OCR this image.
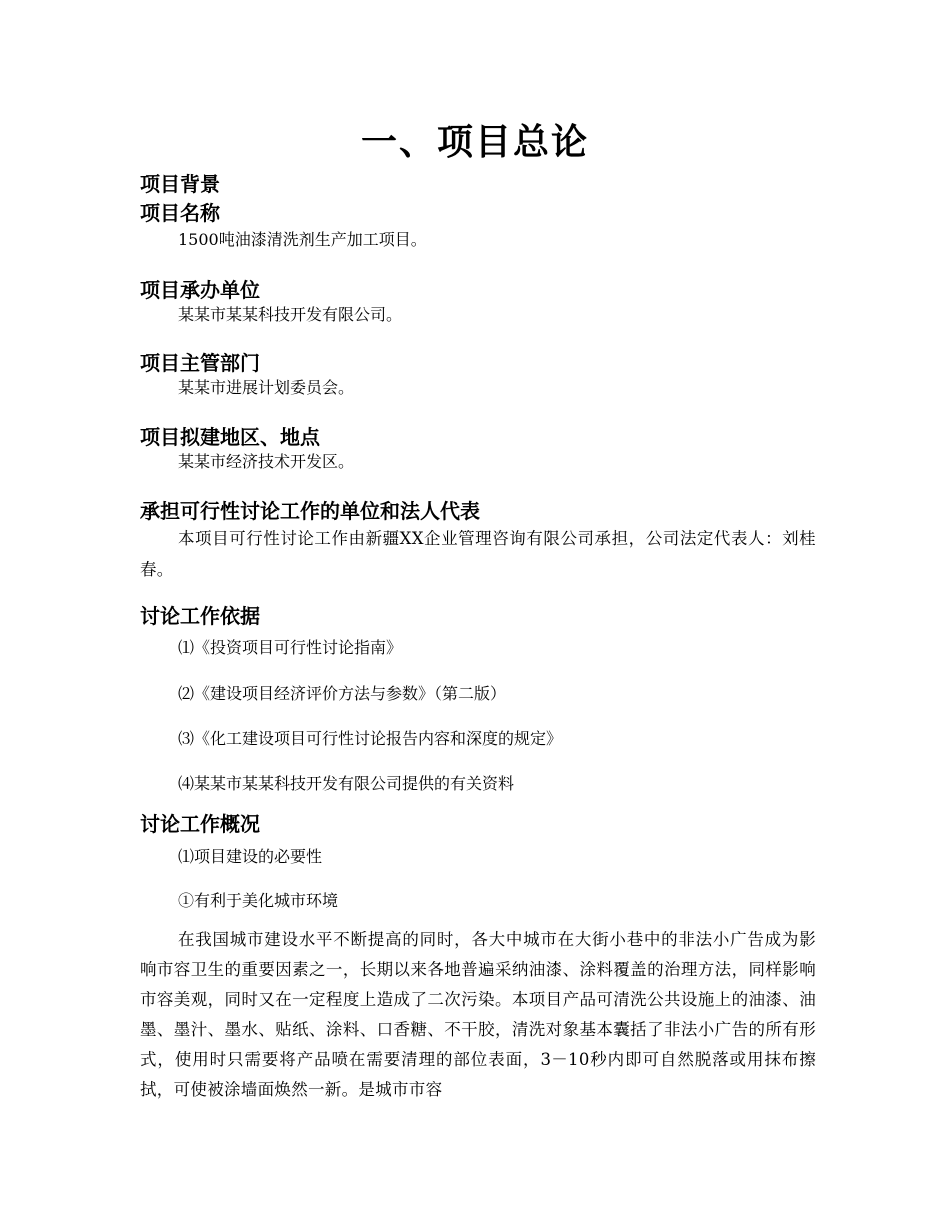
一、项目总论
项目背景
项目名称
1500吨油漆清洗剂生产加工项目。
项目承办单位
某某市某某科技开发有限公司。
项目主管部门
某某市进展计划委员会。
项目拟建地区、地点
某某市经济技术开发区。
承担可行性讨论工作的单位和法人代表
本项目可行性讨论工作由新疆XX企业管理咨询有限公司承担，公司法定代表人：刘桂春。
讨论工作依据
⑴《投资项目可行性讨论指南》
⑵《建设项目经济评价方法与参数》（第二版）
⑶《化工建设项目可行性讨论报告内容和深度的规定》
⑷某某市某某科技开发有限公司提供的有关资料
讨论工作概况
⑴项目建设的必要性
①有利于美化城市环境
在我国城市建设水平不断提高的同时，各大中城市在大街小巷中的非法小广告成为影响市容卫生的重要因素之一，长期以来各地普遍采纳油漆、涂料覆盖的治理方法，同样影响市容美观，同时又在一定程度上造成了二次污染。本项目产品可清洗公共设施上的油漆、油墨、墨汁、墨水、贴纸、涂料、口香糖、不干胶，清洗对象基本囊括了非法小广告的所有形式，使用时只需要将产品喷在需要清理的部位表面，3－10秒内即可自然脱落或用抹布擦拭，可使被涂墙面焕然一新。是城市市容
